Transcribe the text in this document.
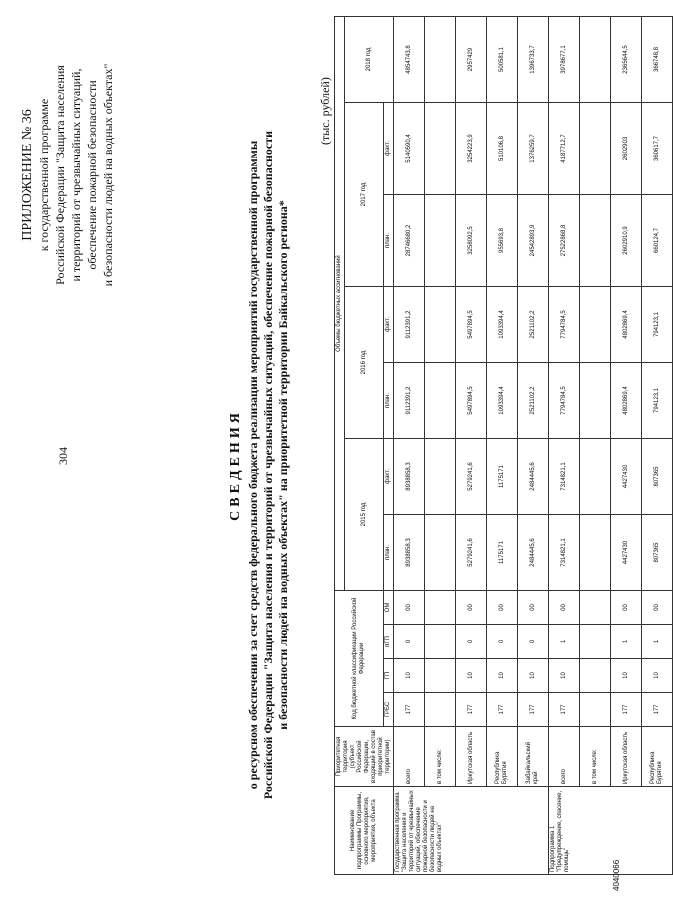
304
ПРИЛОЖЕНИЕ № 36 к государственной программе Российской Федерации "Защита населения и территорий от чрезвычайных ситуаций, обеспечение пожарной безопасности и безопасности людей на водных объектах"
СВЕДЕНИЯ о ресурсном обеспечении за счет средств федерального бюджета реализации мероприятий государственной программы Российской Федерации "Защита населения и территорий от чрезвычайных ситуаций, обеспечение пожарной безопасности и безопасности людей на водных объектах" на приоритетной территории Байкальского региона*
(тыс. рублей)
Наименование подпрограммы Программы, основного мероприятия, мероприятия, объекта	Приоритетная территория (субъект Российской Федерации, входящий в состав приоритетной территории)	Код бюджетной классификации Российской Федерации				Объемы бюджетных ассигнований						
						2015 год		2016 год		2017 год		2018 год
		ГРБС	ГП	пГП	ОМ	план.	факт.	план.	факт.	план.	факт.	
Государственная программа "Защита населения и территорий от чрезвычайных ситуаций, обеспечение пожарной безопасности и безопасности людей на водных объектах"	всего	177	10	0	00	8938858,3	8938858,3	9112391,2	9112391,2	28746680,2	5140590,4	4854743,8
	в том числе:											
	Иркутская область	177	10	0	00	5279241,6	5279241,6	5497894,5	5497894,5	3258092,5	3254223,9	2957429
	Республика Бурятия	177	10	0	00	1175171	1175171	1093394,4	1093394,4	955693,8	510106,8	500581,1
	Забайкальский край	177	10	0	00	2484445,6	2484445,6	2521102,2	2521102,2	24542893,9	1376259,7	1396733,7
Подпрограмма 1 "Предупреждение, спасение, помощь"	всего	177	10	1	00	7314821,1	7314821,1	7794784,5	7794784,5	27522868,8	4187712,7	3978677,1
	в том числе:											
	Иркутская область	177	10	1	00	4427430	4427430	4802869,4	4802869,4	2602910,9	2602903	2365644,5
	Республика Бурятия	177	10	1	00	807365	807365	794123,1	794123,1	660124,7	360617,7	366748,8
4040066
